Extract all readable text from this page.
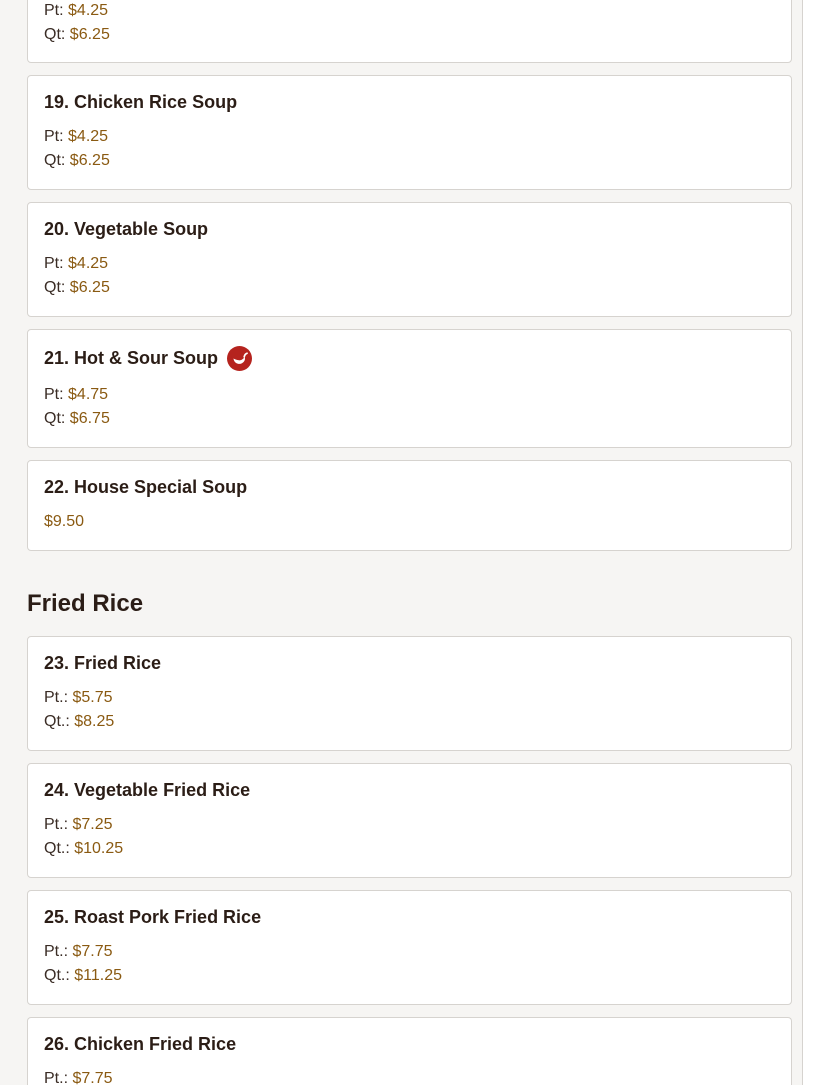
Pt: $4.25
Qt: $6.25
19. Chicken Rice Soup
Pt: $4.25
Qt: $6.25
20. Vegetable Soup
Pt: $4.25
Qt: $6.25
21. Hot & Sour Soup
Pt: $4.75
Qt: $6.75
22. House Special Soup
$9.50
Fried Rice
23. Fried Rice
Pt.: $5.75
Qt.: $8.25
24. Vegetable Fried Rice
Pt.: $7.25
Qt.: $10.25
25. Roast Pork Fried Rice
Pt.: $7.75
Qt.: $11.25
26. Chicken Fried Rice
Pt.: $7.75
